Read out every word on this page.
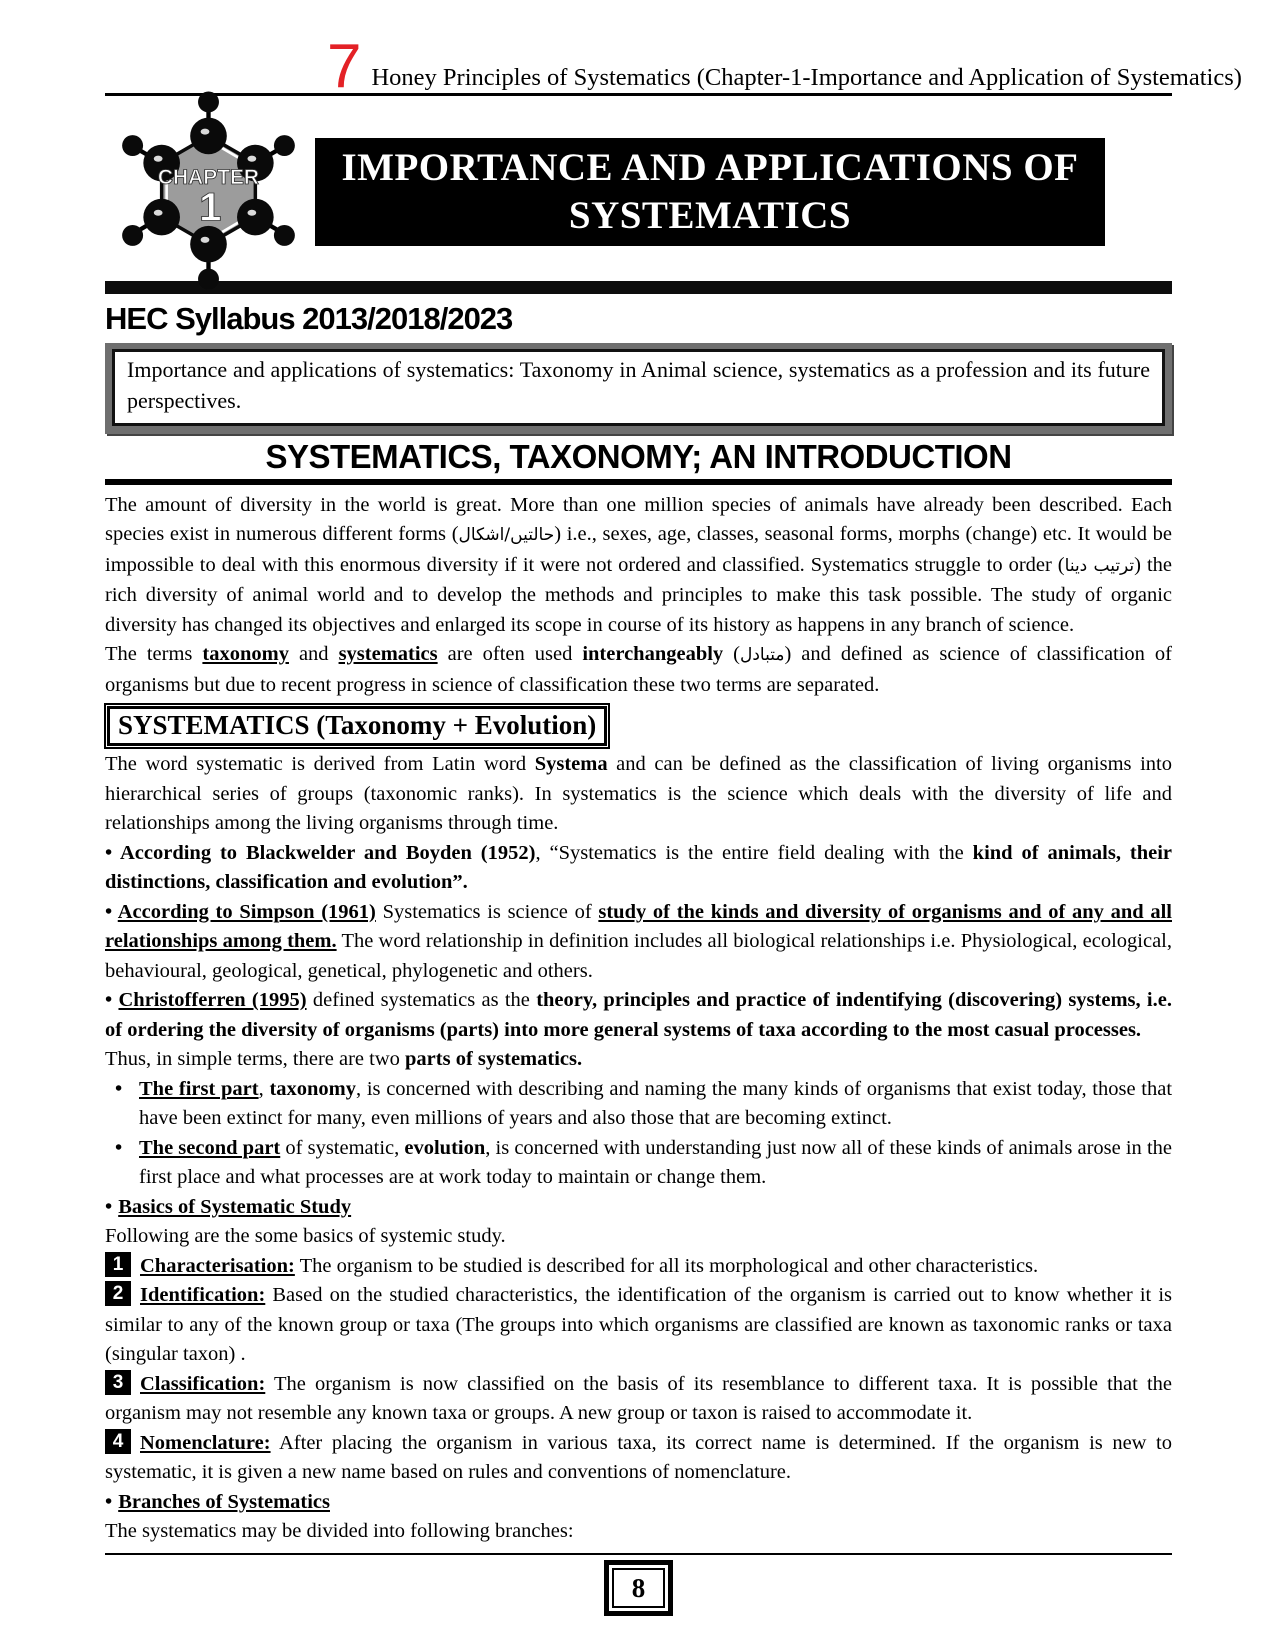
7 Honey Principles of Systematics (Chapter-1-Importance and Application of Systematics)
CHAPTER
1
IMPORTANCE AND APPLICATIONS OF
SYSTEMATICS
HEC Syllabus 2013/2018/2023

Importance and applications of systematics: Taxonomy in Animal science, systematics as a profession and its future perspectives.

SYSTEMATICS, TAXONOMY; AN INTRODUCTION

The amount of diversity in the world is great. More than one million species of animals have already been described. Each species exist in numerous different forms (حالتیں/اشکال) i.e., sexes, age, classes, seasonal forms, morphs (change) etc. It would be impossible to deal with this enormous diversity if it were not ordered and classified. Systematics struggle to order (ترتیب دینا) the rich diversity of animal world and to develop the methods and principles to make this task possible. The study of organic diversity has changed its objectives and enlarged its scope in course of its history as happens in any branch of science.

The terms taxonomy and systematics are often used interchangeably (متبادل) and defined as science of classification of organisms but due to recent progress in science of classification these two terms are separated.

SYSTEMATICS (Taxonomy + Evolution)

The word systematic is derived from Latin word Systema and can be defined as the classification of living organisms into hierarchical series of groups (taxonomic ranks). In systematics is the science which deals with the diversity of life and relationships among the living organisms through time.

• According to Blackwelder and Boyden (1952), “Systematics is the entire field dealing with the kind of animals, their distinctions, classification and evolution”.

• According to Simpson (1961) Systematics is science of study of the kinds and diversity of organisms and of any and all relationships among them. The word relationship in definition includes all biological relationships i.e. Physiological, ecological, behavioural, geological, genetical, phylogenetic and others.

• Christofferren (1995) defined systematics as the theory, principles and practice of indentifying (discovering) systems, i.e. of ordering the diversity of organisms (parts) into more general systems of taxa according to the most casual processes.

Thus, in simple terms, there are two parts of systematics.

• The first part, taxonomy, is concerned with describing and naming the many kinds of organisms that exist today, those that have been extinct for many, even millions of years and also those that are becoming extinct.

• The second part of systematic, evolution, is concerned with understanding just now all of these kinds of animals arose in the first place and what processes are at work today to maintain or change them.

• Basics of Systematic Study

Following are the some basics of systemic study.

1 Characterisation: The organism to be studied is described for all its morphological and other characteristics.

2 Identification: Based on the studied characteristics, the identification of the organism is carried out to know whether it is similar to any of the known group or taxa (The groups into which organisms are classified are known as taxonomic ranks or taxa (singular taxon) .

3 Classification: The organism is now classified on the basis of its resemblance to different taxa. It is possible that the organism may not resemble any known taxa or groups. A new group or taxon is raised to accommodate it.

4 Nomenclature: After placing the organism in various taxa, its correct name is determined. If the organism is new to systematic, it is given a new name based on rules and conventions of nomenclature.

• Branches of Systematics

The systematics may be divided into following branches:

8
